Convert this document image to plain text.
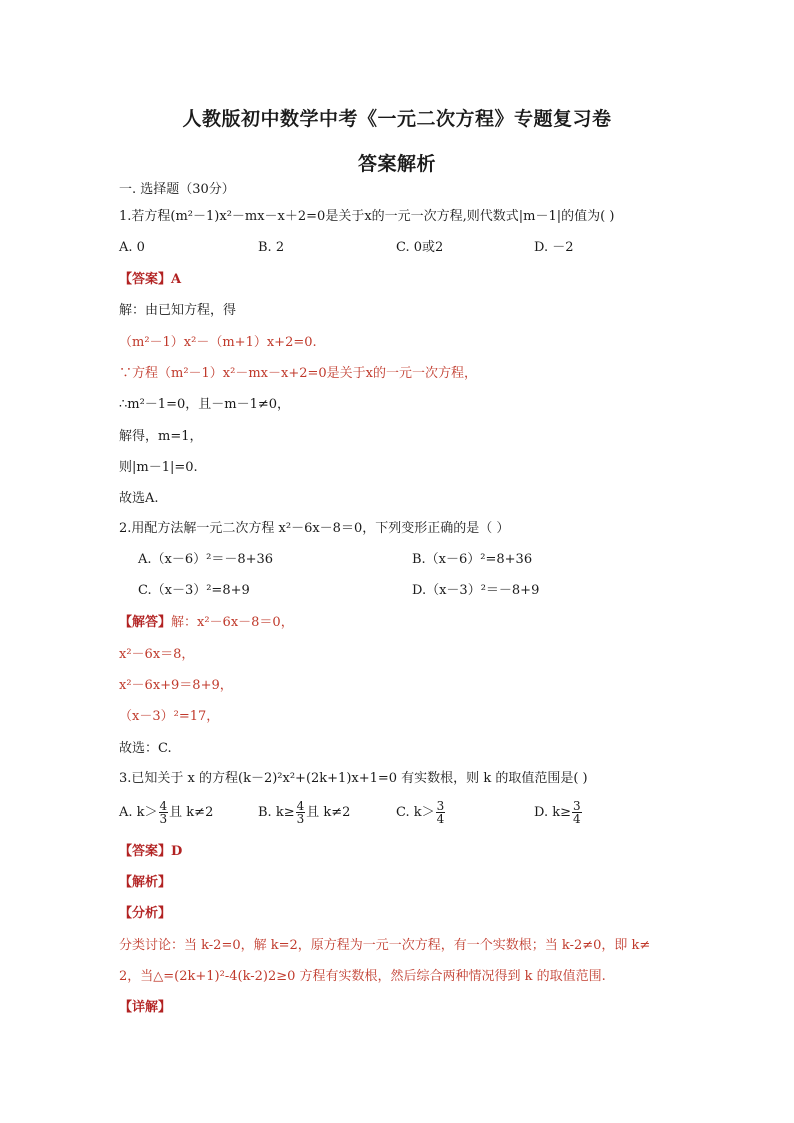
人教版初中数学中考《一元二次方程》专题复习卷
答案解析
一. 选择题（30分）
1.若方程(m²－1)x²－mx－x＋2=0是关于x的一元一次方程,则代数式|m－1|的值为( )
A. 0	B. 2	C. 0或2	D. －2
【答案】A
解：由已知方程，得
（m²－1）x²－（m+1）x+2=0.
∵方程（m²－1）x²－mx－x+2=0是关于x的一元一次方程，
∴m²－1=0，且－m－1≠0，
解得，m=1，
则|m－1|=0.
故选A.
2.用配方法解一元二次方程 x²－6x－8＝0，下列变形正确的是（ ）
A.（x－6）²＝－8+36	B.（x－6）²=8+36
C.（x－3）²=8+9	D.（x－3）²＝－8+9
【解答】解：x²－6x－8＝0，
x²－6x＝8，
x²－6x+9＝8+9，
（x－3）²=17，
故选：C.
3.已知关于 x 的方程(k－2)²x²+(2k+1)x+1=0 有实数根，则 k 的取值范围是( )
A. $k> \frac{4}{3}$ 且 k≠2	B. $k\ge \frac{4}{3}$ 且 k≠2	C. $k> \frac{3}{4}$	D. $k\ge \frac{3}{4}$
【答案】D
【解析】
【分析】
分类讨论：当 k-2=0，解 k=2，原方程为一元一次方程，有一个实数根；当 k-2≠0，即 k≠
2，当△=(2k+1)²-4(k-2)2≥0 方程有实数根，然后综合两种情况得到 k 的取值范围.
【详解】
